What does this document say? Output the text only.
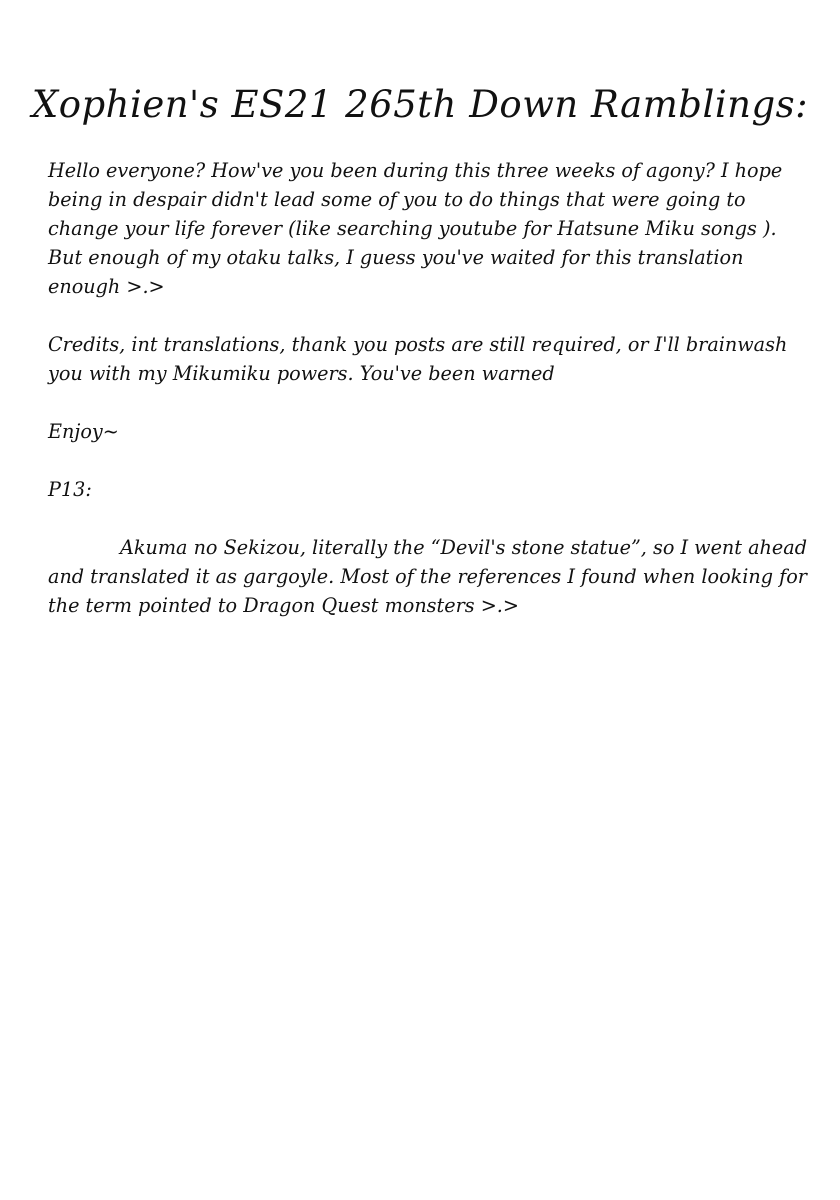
Xophien's ES21 265th Down Ramblings:

Hello everyone? How've you been during this three weeks of agony? I hope being in despair didn't lead some of you to do things that were going to change your life forever (like searching youtube for Hatsune Miku songs ). But enough of my otaku talks, I guess you've waited for this translation enough >.>

Credits, int translations, thank you posts are still required, or I'll brainwash you with my Mikumiku powers. You've been warned

Enjoy~

P13:

Akuma no Sekizou, literally the “Devil's stone statue”, so I went ahead and translated it as gargoyle. Most of the references I found when looking for the term pointed to Dragon Quest monsters >.>
